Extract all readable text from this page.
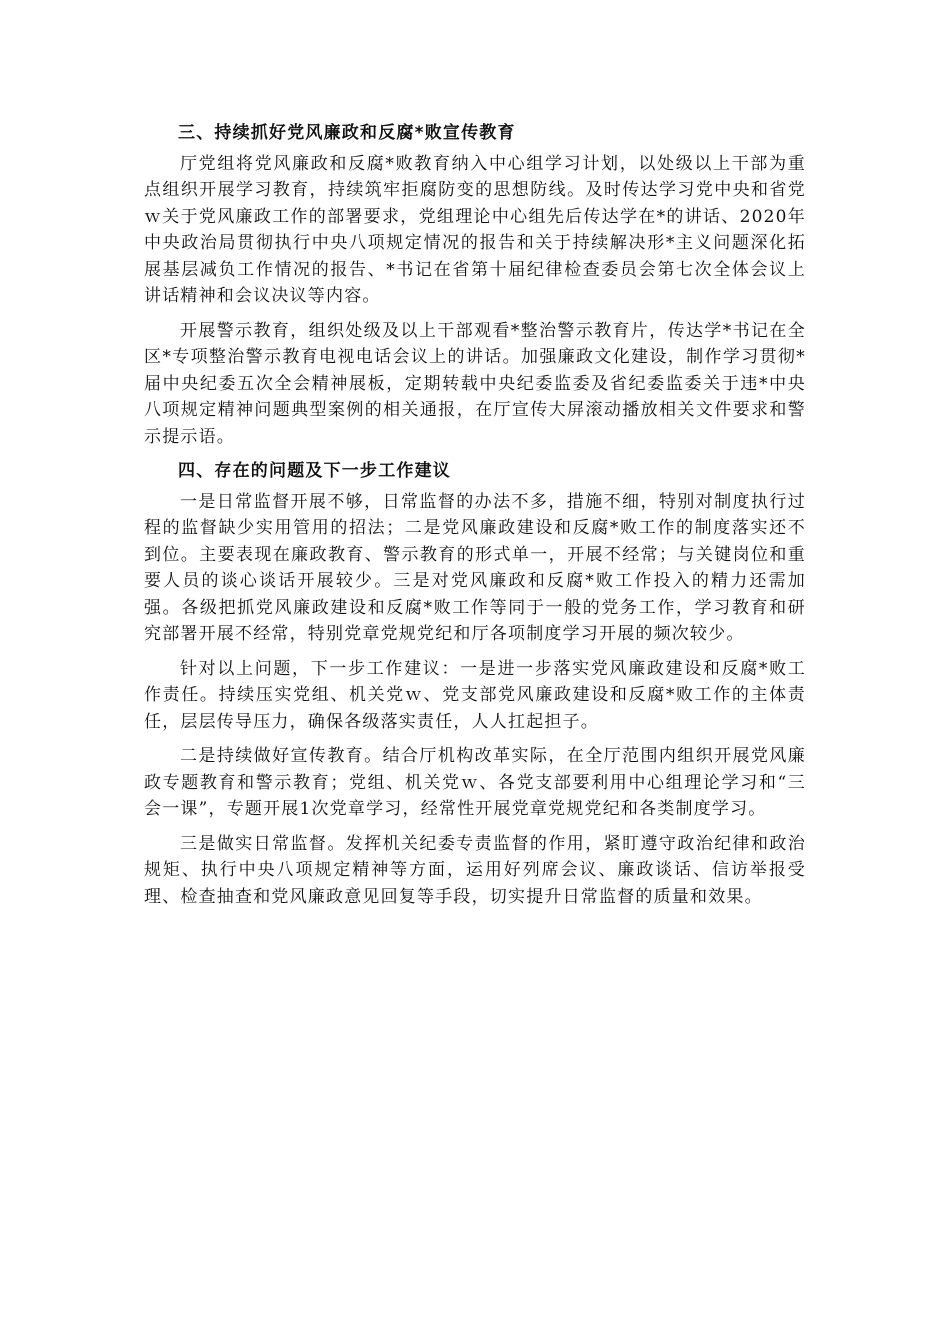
三、持续抓好党风廉政和反腐*败宣传教育

厅党组将党风廉政和反腐*败教育纳入中心组学习计划，以处级以上干部为重点组织开展学习教育，持续筑牢拒腐防变的思想防线。及时传达学习党中央和省党ｗ关于党风廉政工作的部署要求，党组理论中心组先后传达学在*的讲话、2020年中央政治局贯彻执行中央八项规定情况的报告和关于持续解决形*主义问题深化拓展基层减负工作情况的报告、*书记在省第十届纪律检查委员会第七次全体会议上讲话精神和会议决议等内容。

开展警示教育，组织处级及以上干部观看*整治警示教育片，传达学*书记在全区*专项整治警示教育电视电话会议上的讲话。加强廉政文化建设，制作学习贯彻*届中央纪委五次全会精神展板，定期转载中央纪委监委及省纪委监委关于违*中央八项规定精神问题典型案例的相关通报，在厅宣传大屏滚动播放相关文件要求和警示提示语。

四、存在的问题及下一步工作建议

一是日常监督开展不够，日常监督的办法不多，措施不细，特别对制度执行过程的监督缺少实用管用的招法；二是党风廉政建设和反腐*败工作的制度落实还不到位。主要表现在廉政教育、警示教育的形式单一，开展不经常；与关键岗位和重要人员的谈心谈话开展较少。三是对党风廉政和反腐*败工作投入的精力还需加强。各级把抓党风廉政建设和反腐*败工作等同于一般的党务工作，学习教育和研究部署开展不经常，特别党章党规党纪和厅各项制度学习开展的频次较少。

针对以上问题，下一步工作建议：一是进一步落实党风廉政建设和反腐*败工作责任。持续压实党组、机关党ｗ、党支部党风廉政建设和反腐*败工作的主体责任，层层传导压力，确保各级落实责任，人人扛起担子。

二是持续做好宣传教育。结合厅机构改革实际，在全厅范围内组织开展党风廉政专题教育和警示教育；党组、机关党ｗ、各党支部要利用中心组理论学习和“三会一课”，专题开展1次党章学习，经常性开展党章党规党纪和各类制度学习。

三是做实日常监督。发挥机关纪委专责监督的作用，紧盯遵守政治纪律和政治规矩、执行中央八项规定精神等方面，运用好列席会议、廉政谈话、信访举报受理、检查抽查和党风廉政意见回复等手段，切实提升日常监督的质量和效果。
